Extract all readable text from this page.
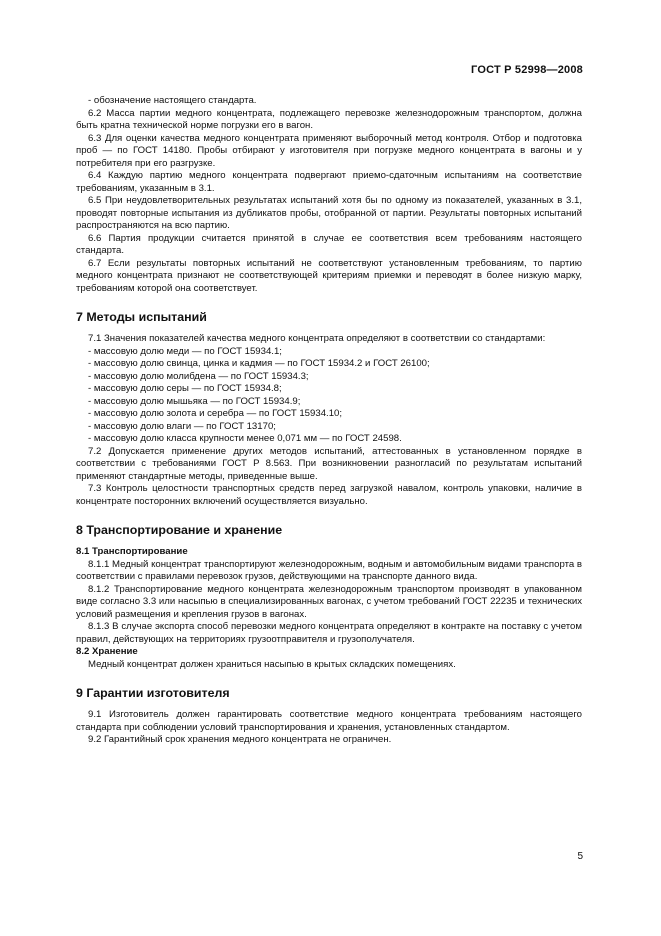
ГОСТ Р 52998—2008

- обозначение настоящего стандарта.

6.2 Масса партии медного концентрата, подлежащего перевозке железнодорожным транспортом, должна быть кратна технической норме погрузки его в вагон.

6.3 Для оценки качества медного концентрата применяют выборочный метод контроля. Отбор и подготовка проб — по ГОСТ 14180. Пробы отбирают у изготовителя при погрузке медного концентрата в вагоны и у потребителя при его разгрузке.

6.4 Каждую партию медного концентрата подвергают приемо-сдаточным испытаниям на соответствие требованиям, указанным в 3.1.

6.5 При неудовлетворительных результатах испытаний хотя бы по одному из показателей, указанных в 3.1, проводят повторные испытания из дубликатов пробы, отобранной от партии. Результаты повторных испытаний распространяются на всю партию.

6.6 Партия продукции считается принятой в случае ее соответствия всем требованиям настоящего стандарта.

6.7 Если результаты повторных испытаний не соответствуют установленным требованиям, то партию медного концентрата признают не соответствующей критериям приемки и переводят в более низкую марку, требованиям которой она соответствует.

7 Методы испытаний

7.1 Значения показателей качества медного концентрата определяют в соответствии со стандартами:

- массовую долю меди — по ГОСТ 15934.1;

- массовую долю свинца, цинка и кадмия — по ГОСТ 15934.2 и ГОСТ 26100;

- массовую долю молибдена — по ГОСТ 15934.3;

- массовую долю серы — по ГОСТ 15934.8;

- массовую долю мышьяка — по ГОСТ 15934.9;

- массовую долю золота и серебра — по ГОСТ 15934.10;

- массовую долю влаги — по ГОСТ 13170;

- массовую долю класса крупности менее 0,071 мм — по ГОСТ 24598.

7.2 Допускается применение других методов испытаний, аттестованных в установленном порядке в соответствии с требованиями ГОСТ Р 8.563. При возникновении разногласий по результатам испытаний применяют стандартные методы, приведенные выше.

7.3 Контроль целостности транспортных средств перед загрузкой навалом, контроль упаковки, наличие в концентрате посторонних включений осуществляется визуально.

8 Транспортирование и хранение

8.1 Транспортирование

8.1.1 Медный концентрат транспортируют железнодорожным, водным и автомобильным видами транспорта в соответствии с правилами перевозок грузов, действующими на транспорте данного вида.

8.1.2 Транспортирование медного концентрата железнодорожным транспортом производят в упакованном виде согласно 3.3 или насыпью в специализированных вагонах, с учетом требований ГОСТ 22235 и технических условий размещения и крепления грузов в вагонах.

8.1.3 В случае экспорта способ перевозки медного концентрата определяют в контракте на поставку с учетом правил, действующих на территориях грузоотправителя и грузополучателя.

8.2 Хранение

Медный концентрат должен храниться насыпью в крытых складских помещениях.

9 Гарантии изготовителя

9.1 Изготовитель должен гарантировать соответствие медного концентрата требованиям настоящего стандарта при соблюдении условий транспортирования и хранения, установленных стандартом.

9.2 Гарантийный срок хранения медного концентрата не ограничен.

5
